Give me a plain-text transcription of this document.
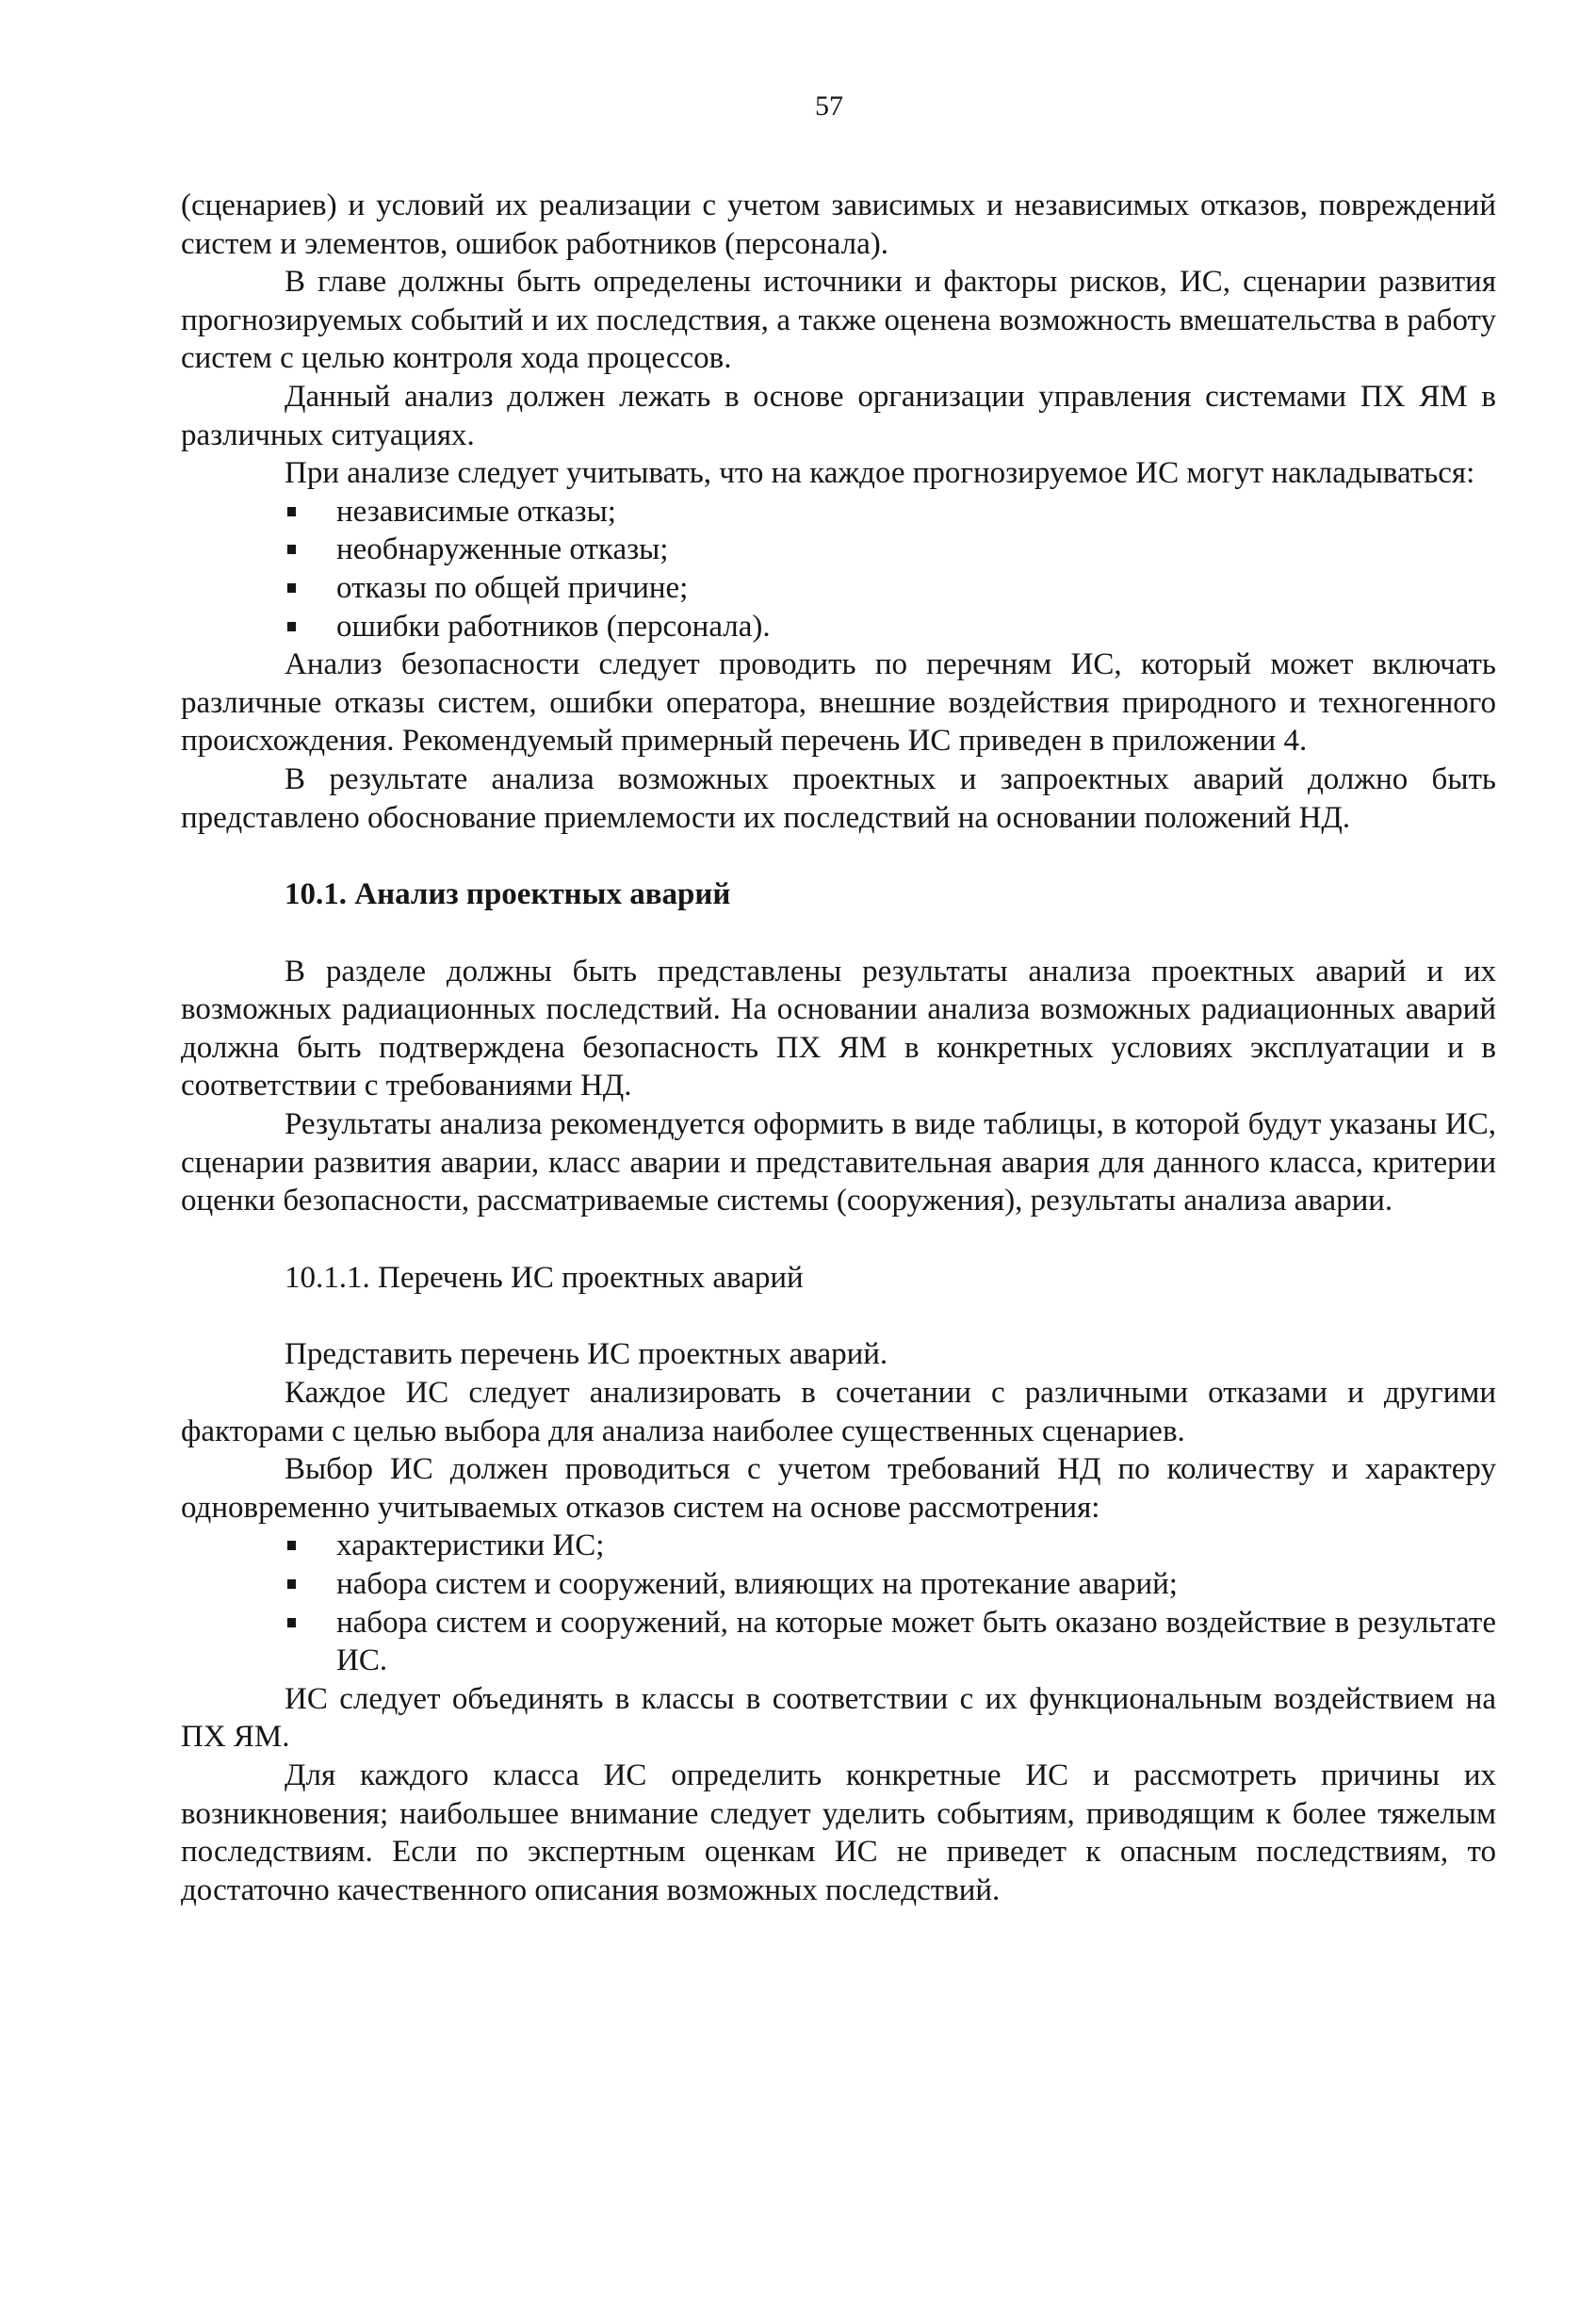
57

(сценариев) и условий их реализации с учетом зависимых и независимых отказов, повреждений систем и элементов, ошибок работников (персонала).

В главе должны быть определены источники и факторы рисков, ИС, сценарии развития прогнозируемых событий и их последствия, а также оценена возможность вмешательства в работу систем с целью контроля хода процессов.

Данный анализ должен лежать в основе организации управления системами ПХ ЯМ в различных ситуациях.

При анализе следует учитывать, что на каждое прогнозируемое ИС могут накладываться:

независимые отказы;
необнаруженные отказы;
отказы по общей причине;
ошибки работников (персонала).

Анализ безопасности следует проводить по перечням ИС, который может включать различные отказы систем, ошибки оператора, внешние воздействия природного и техногенного происхождения. Рекомендуемый примерный перечень ИС приведен в приложении 4.

В результате анализа возможных проектных и запроектных аварий должно быть представлено обоснование приемлемости их последствий на основании положений НД.

10.1. Анализ проектных аварий

В разделе должны быть представлены результаты анализа проектных аварий и их возможных радиационных последствий. На основании анализа возможных радиационных аварий должна быть подтверждена безопасность ПХ ЯМ в конкретных условиях эксплуатации и в соответствии с требованиями НД.

Результаты анализа рекомендуется оформить в виде таблицы, в которой будут указаны ИС, сценарии развития аварии, класс аварии и представительная авария для данного класса, критерии оценки безопасности, рассматриваемые системы (сооружения), результаты анализа аварии.

10.1.1. Перечень ИС проектных аварий

Представить перечень ИС проектных аварий.

Каждое ИС следует анализировать в сочетании с различными отказами и другими факторами с целью выбора для анализа наиболее существенных сценариев.

Выбор ИС должен проводиться с учетом требований НД по количеству и характеру одновременно учитываемых отказов систем на основе рассмотрения:

характеристики ИС;
набора систем и сооружений, влияющих на протекание аварий;
набора систем и сооружений, на которые может быть оказано воздействие в результате ИС.

ИС следует объединять в классы в соответствии с их функциональным воздействием на ПХ ЯМ.

Для каждого класса ИС определить конкретные ИС и рассмотреть причины их возникновения; наибольшее внимание следует уделить событиям, приводящим к более тяжелым последствиям. Если по экспертным оценкам ИС не приведет к опасным последствиям, то достаточно качественного описания возможных последствий.
